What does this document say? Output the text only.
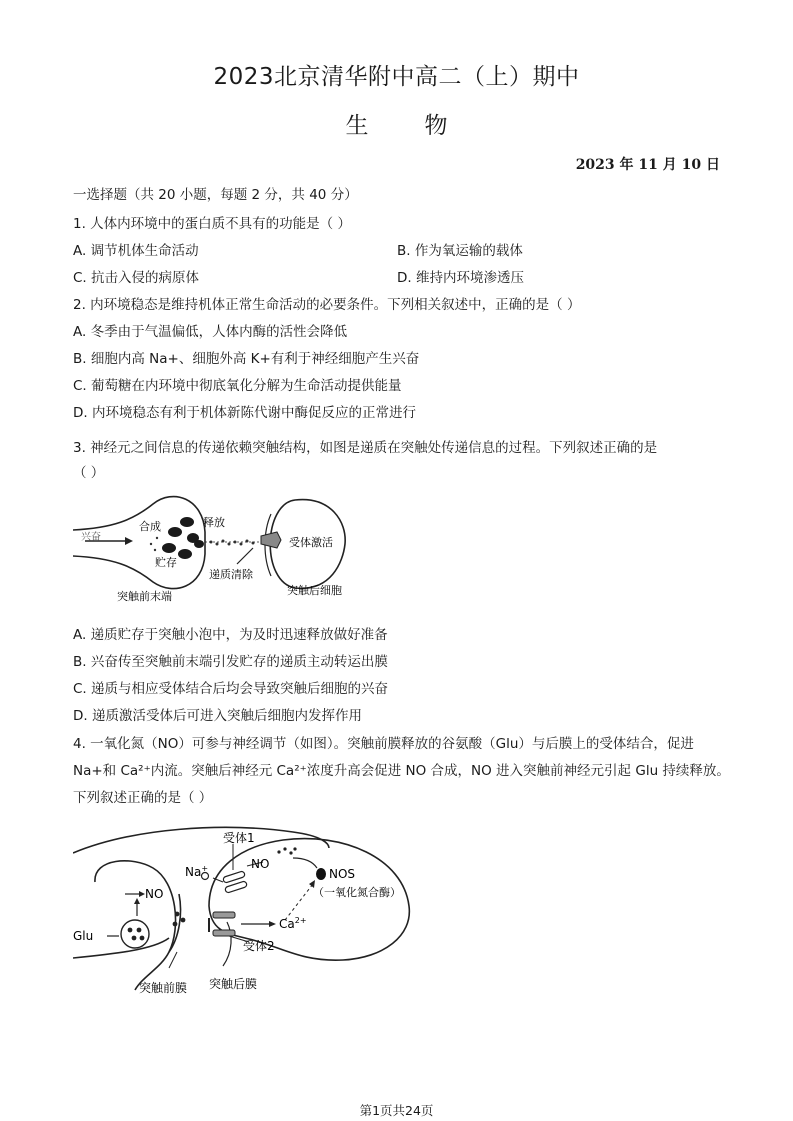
2023北京清华附中高二（上）期中
生 物
2023 年 11 月 10 日
一选择题（共 20 小题，每题 2 分，共 40 分）
1. 人体内环境中的蛋白质不具有的功能是（ ）
A. 调节机体生命活动	B. 作为氧运输的载体
C. 抗击入侵的病原体	D. 维持内环境渗透压
2. 内环境稳态是维持机体正常生命活动的必要条件。下列相关叙述中，正确的是（ ）
A. 冬季由于气温偏低，人体内酶的活性会降低
B. 细胞内高 Na+、细胞外高 K+有利于神经细胞产生兴奋
C. 葡萄糖在内环境中彻底氧化分解为生命活动提供能量
D. 内环境稳态有利于机体新陈代谢中酶促反应的正常进行
3. 神经元之间信息的传递依赖突触结构，如图是递质在突触处传递信息的过程。下列叙述正确的是
（ ）
兴奋
合成	释放
贮存
受体激活
递质清除
突触前末端	突触后细胞
A. 递质贮存于突触小泡中，为及时迅速释放做好准备
B. 兴奋传至突触前末端引发贮存的递质主动转运出膜
C. 递质与相应受体结合后均会导致突触后细胞的兴奋
D. 递质激活受体后可进入突触后细胞内发挥作用
4. 一氧化氮（NO）可参与神经调节（如图）。突触前膜释放的谷氨酸（Glu）与后膜上的受体结合，促进
Na+和 Ca²⁺内流。突触后神经元 Ca²⁺浓度升高会促进 NO 合成，NO 进入突触前神经元引起 Glu 持续释放。
下列叙述正确的是（ ）
受体1
NO
Na+
NO
NOS
（一氧化氮合酶）
$Ca^{2+}$
Glu
受体2
突触前膜 突触后膜
第1页共24页
